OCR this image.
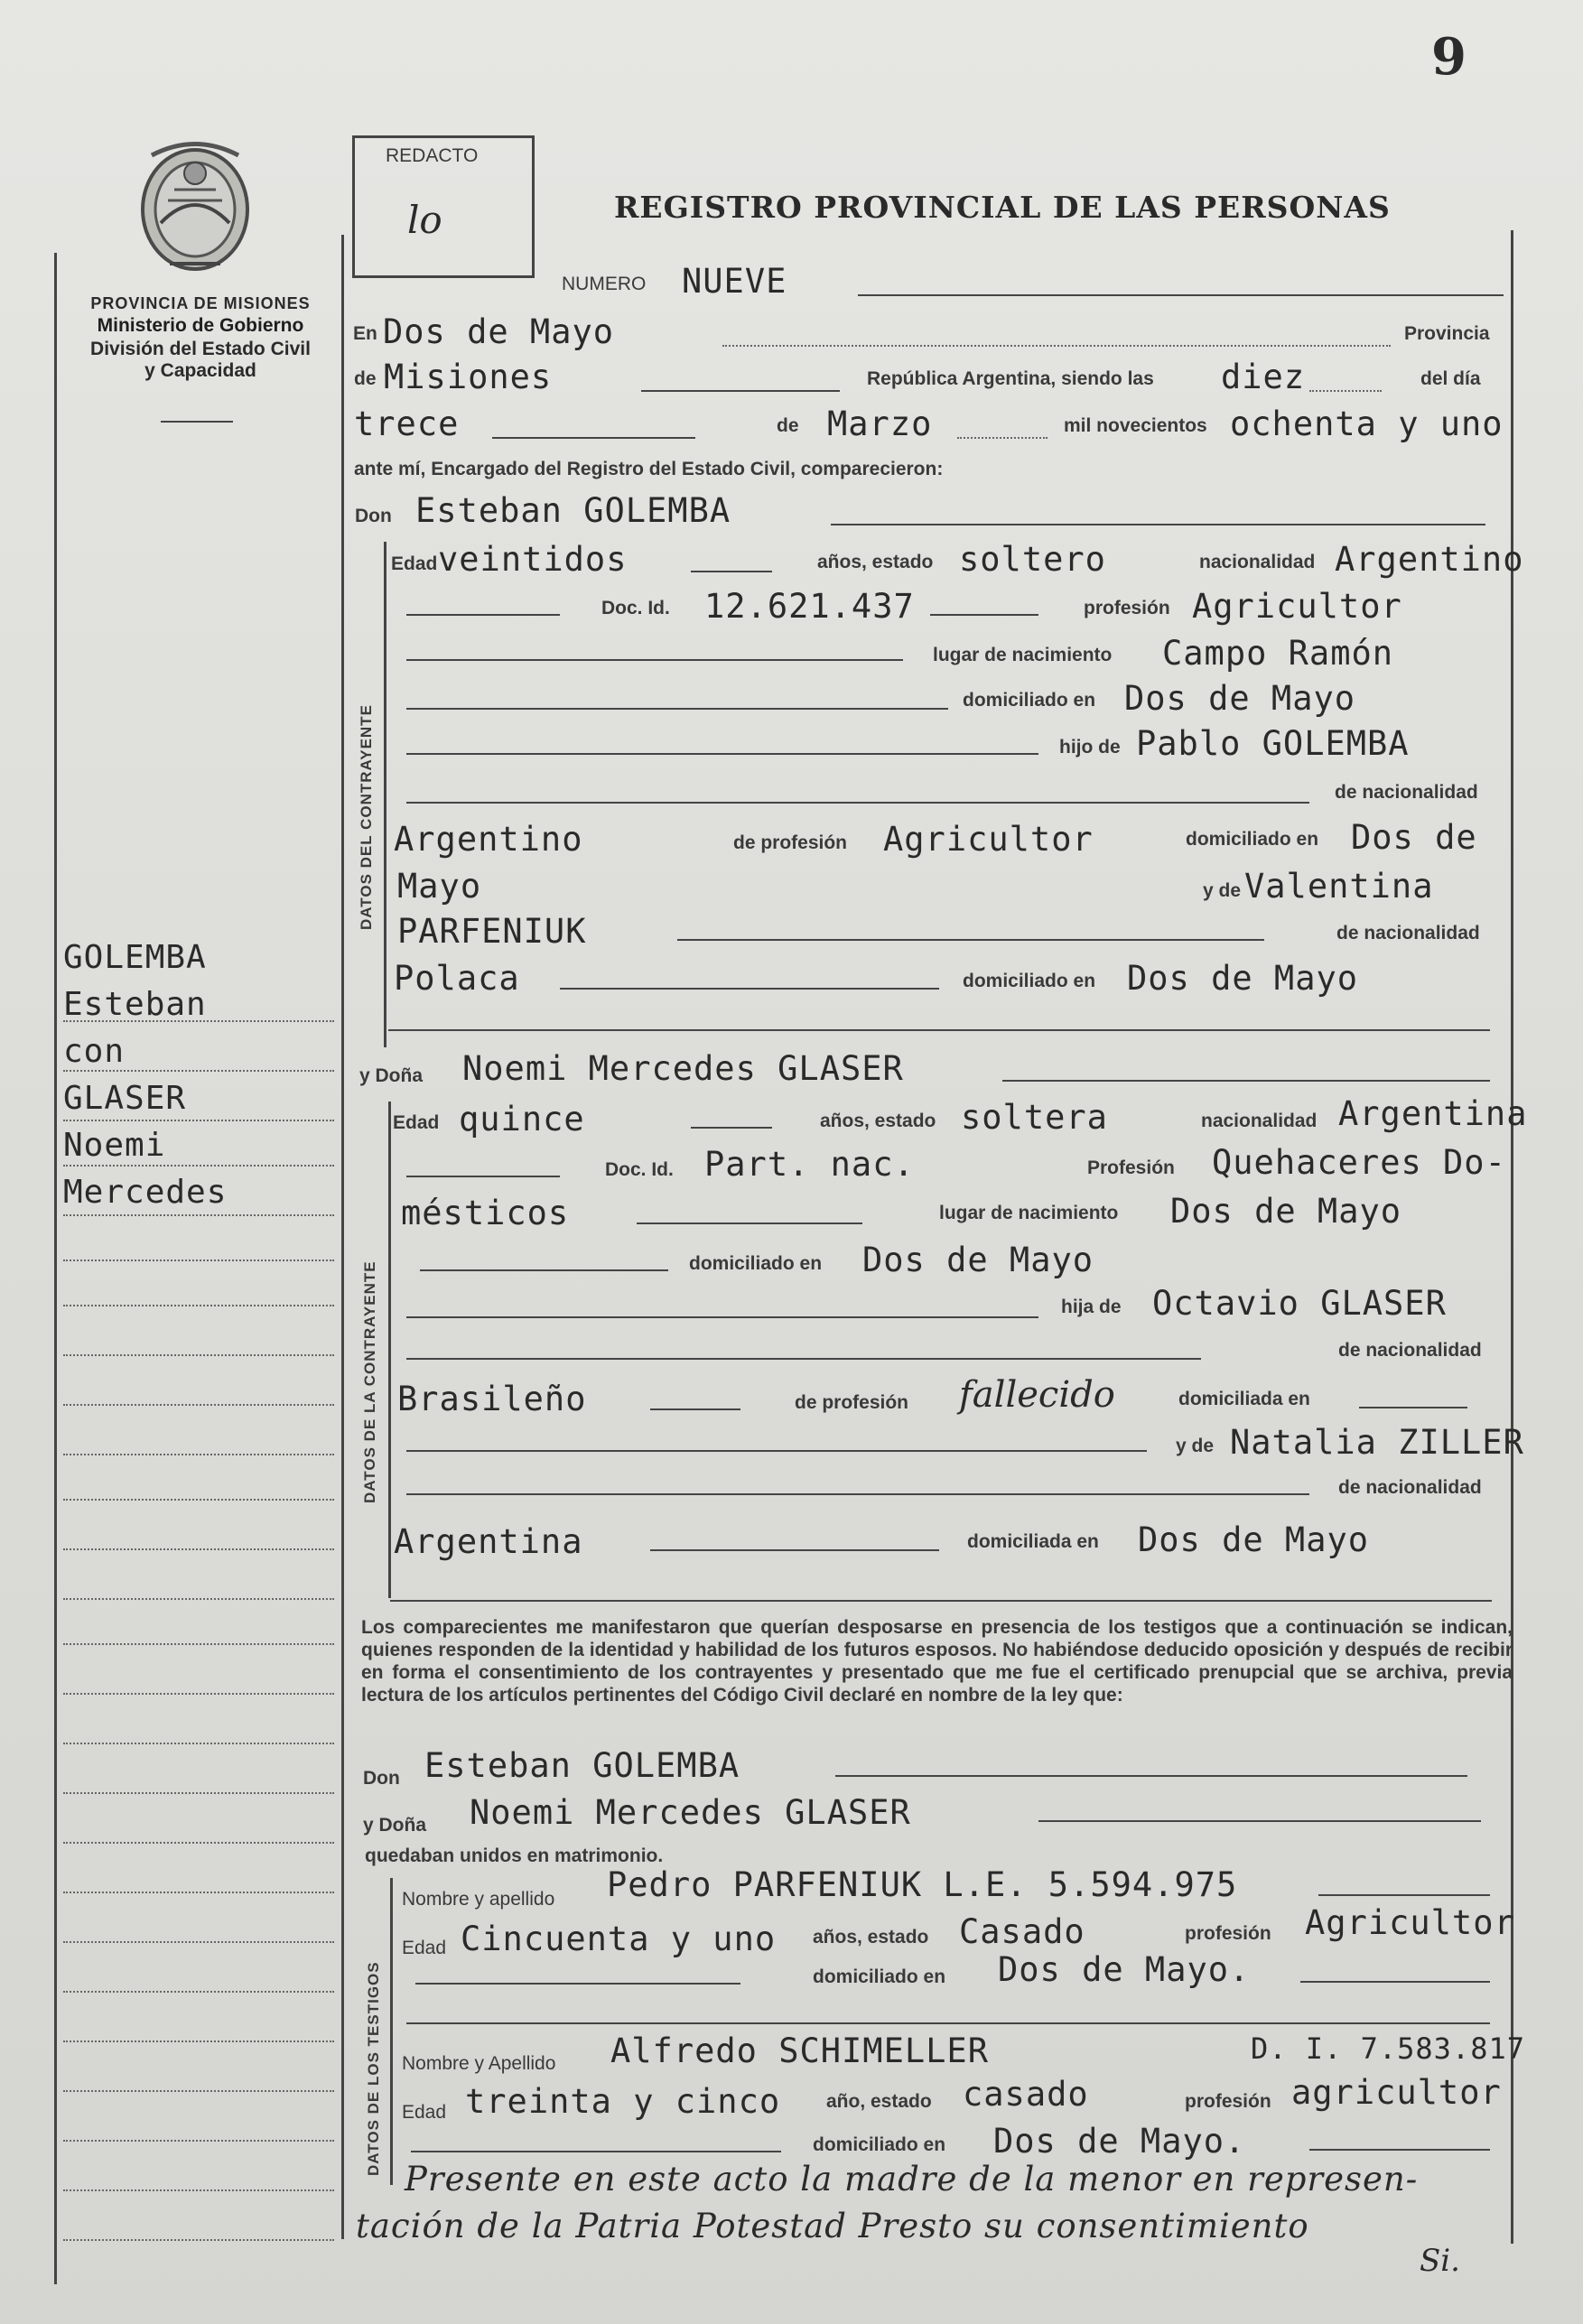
9
PROVINCIA DE MISIONES
Ministerio de Gobierno
División del Estado Civil
y Capacidad
GOLEMBA
Esteban
con
GLASER
Noemi
Mercedes
REDACTO
lo	REGISTRO PROVINCIAL DE LAS PERSONAS
NUMERO NUEVE
En Dos de Mayo	Provincia
de Misiones	República Argentina, siendo las diez	del día
trece	de Marzo	mil novecientos ochenta y uno
ante mí, Encargado del Registro del Estado Civil, comparecieron:
Don Esteban GOLEMBA
DATOS DEL CONTRAYENTE
Edad veintidos	años, estado soltero	nacionalidad Argentino
Doc. Id. 12.621.437	profesión Agricultor
lugar de nacimiento Campo Ramón
domiciliado en Dos de Mayo
hijo de Pablo GOLEMBA
de nacionalidad
Argentino	de profesión Agricultor	domiciliado en Dos de
Mayo	y de Valentina
PARFENIUK	de nacionalidad
Polaca	domiciliado en Dos de Mayo
y Doña Noemi Mercedes GLASER
DATOS DE LA CONTRAYENTE
Edad quince	años, estado soltera	nacionalidad Argentina
Doc. Id. Part. nac.	Profesión Quehaceres Do-
mésticos	lugar de nacimiento Dos de Mayo
domiciliado en Dos de Mayo
hija de Octavio GLASER
de nacionalidad
Brasileño	de profesión fallecido	domiciliada en
y de Natalia ZILLER
de nacionalidad
Argentina	domiciliada en Dos de Mayo
Los comparecientes me manifestaron que querían desposarse en presencia de los testigos que a continuación se indican, quienes responden de la identidad y habilidad de los futuros esposos. No habiéndose deducido oposición y después de recibir en forma el consentimiento de los contrayentes y presentado que me fue el certificado prenupcial que se archiva, previa lectura de los artículos pertinentes del Código Civil declaré en nombre de la ley que:
Don Esteban GOLEMBA
y Doña Noemi Mercedes GLASER
quedaban unidos en matrimonio.
DATOS DE LOS TESTIGOS
Nombre y apellido Pedro PARFENIUK L.E. 5.594.975
Edad Cincuenta y uno años, estado Casado	profesión Agricultor
domiciliado en Dos de Mayo.
Nombre y Apellido Alfredo SCHIMELLER	D. I. 7.583.817
Edad treinta y cinco año, estado casado	profesión agricultor
domiciliado en Dos de Mayo.
Presente en este acto la madre de la menor en represen-
tación de la Patria Potestad Presto su consentimiento
Si.
